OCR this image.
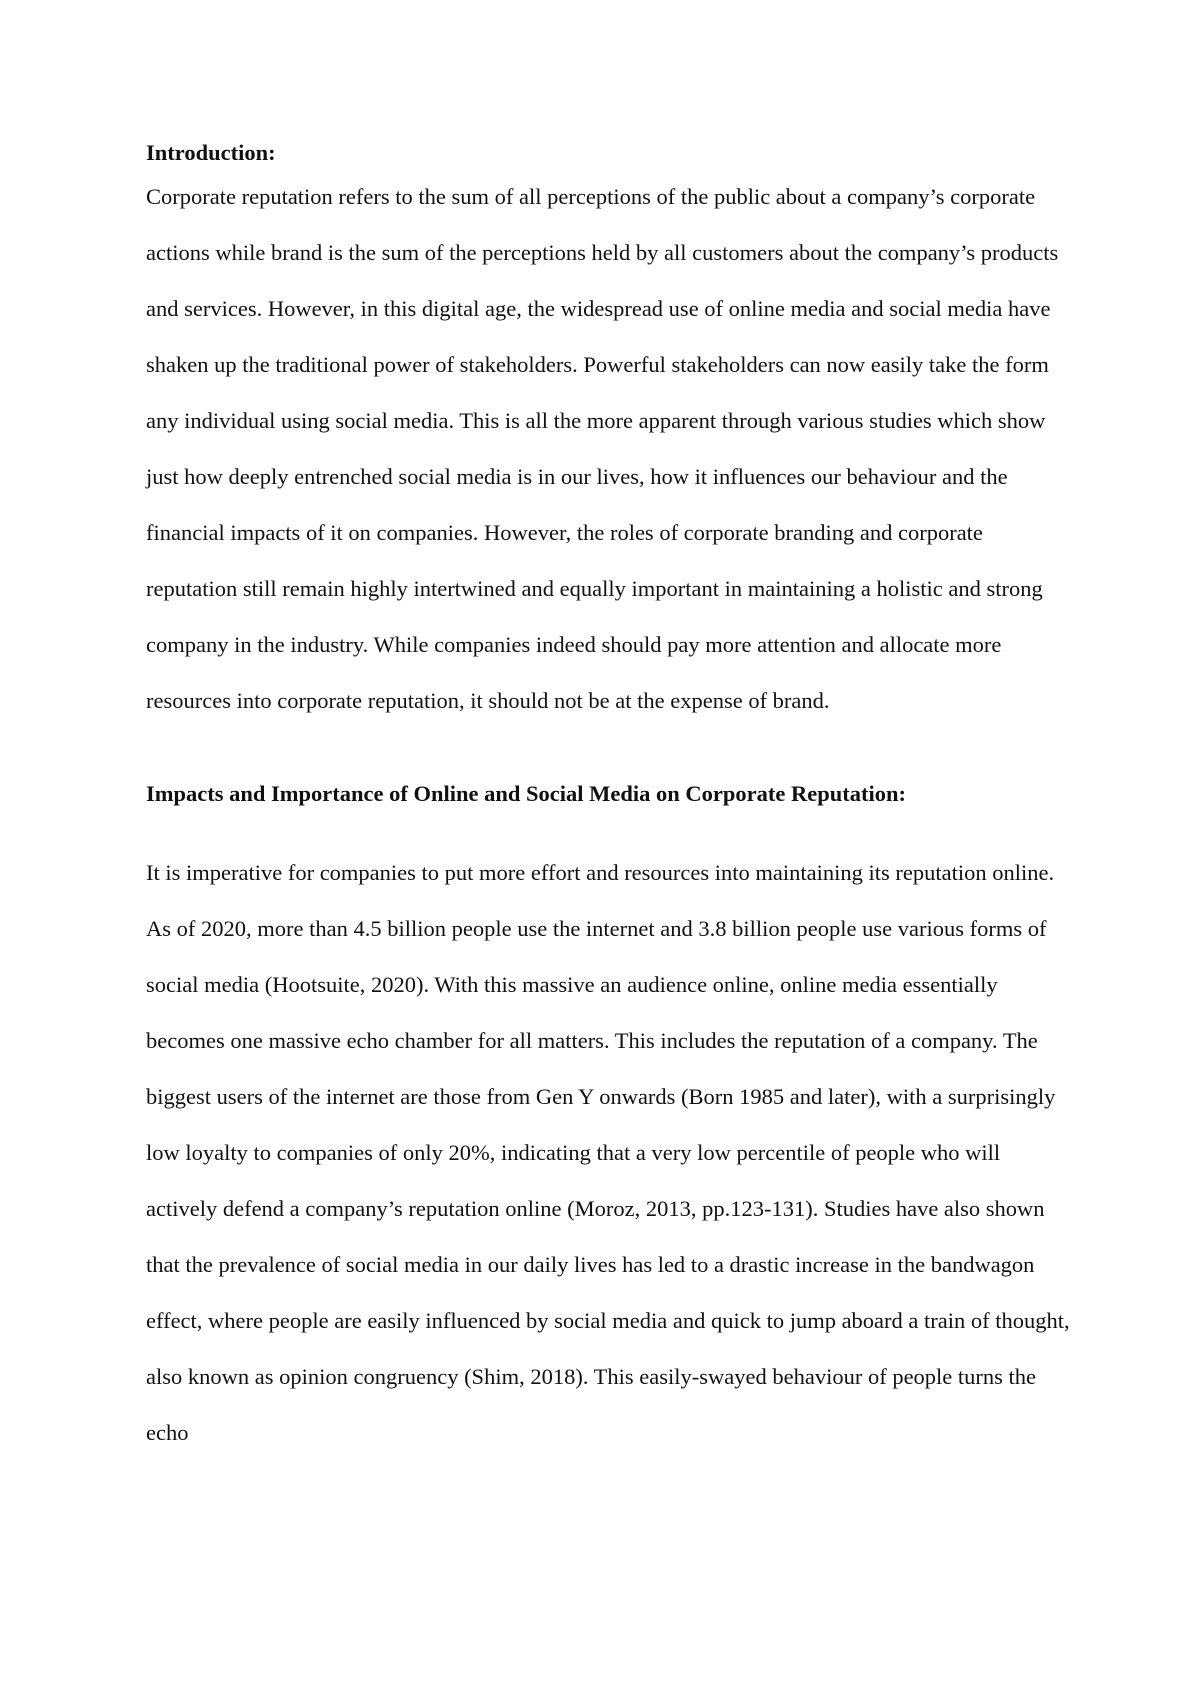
Introduction:

Corporate reputation refers to the sum of all perceptions of the public about a company’s corporate actions while brand is the sum of the perceptions held by all customers about the company’s products and services. However, in this digital age, the widespread use of online media and social media have shaken up the traditional power of stakeholders. Powerful stakeholders can now easily take the form any individual using social media. This is all the more apparent through various studies which show just how deeply entrenched social media is in our lives, how it influences our behaviour and the financial impacts of it on companies. However, the roles of corporate branding and corporate reputation still remain highly intertwined and equally important in maintaining a holistic and strong company in the industry. While companies indeed should pay more attention and allocate more resources into corporate reputation, it should not be at the expense of brand.

Impacts and Importance of Online and Social Media on Corporate Reputation:

It is imperative for companies to put more effort and resources into maintaining its reputation online. As of 2020, more than 4.5 billion people use the internet and 3.8 billion people use various forms of social media (Hootsuite, 2020). With this massive an audience online, online media essentially becomes one massive echo chamber for all matters. This includes the reputation of a company. The biggest users of the internet are those from Gen Y onwards (Born 1985 and later), with a surprisingly low loyalty to companies of only 20%, indicating that a very low percentile of people who will actively defend a company’s reputation online (Moroz, 2013, pp.123-131). Studies have also shown that the prevalence of social media in our daily lives has led to a drastic increase in the bandwagon effect, where people are easily influenced by social media and quick to jump aboard a train of thought, also known as opinion congruency (Shim, 2018). This easily-swayed behaviour of people turns the echo
